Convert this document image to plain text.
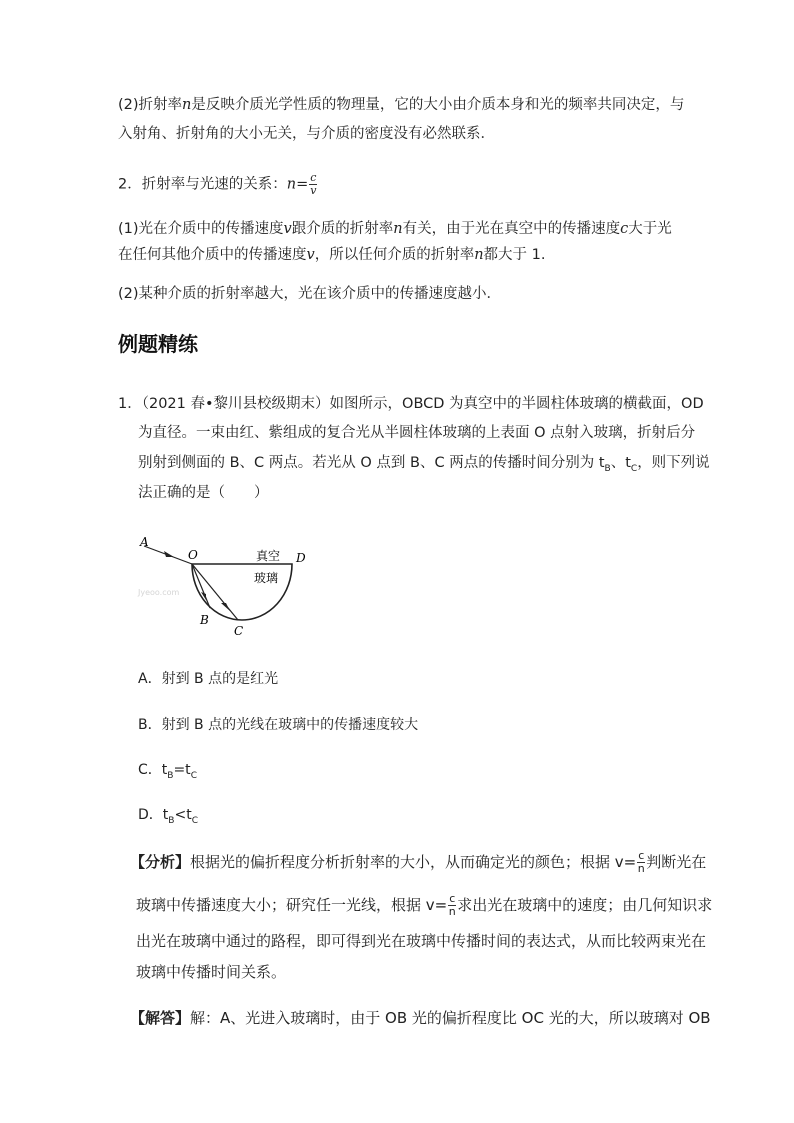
(2)折射率n是反映介质光学性质的物理量，它的大小由介质本身和光的频率共同决定，与
入射角、折射角的大小无关，与介质的密度没有必然联系．
2．折射率与光速的关系：$n= \frac{c}{v}$
(1)光在介质中的传播速度v跟介质的折射率n有关，由于光在真空中的传播速度c大于光
在任何其他介质中的传播速度v，所以任何介质的折射率n都大于 1.
(2)某种介质的折射率越大，光在该介质中的传播速度越小．
例题精练
1．（2021 春•黎川县校级期末）如图所示，OBCD 为真空中的半圆柱体玻璃的横截面，OD
为直径。一束由红、紫组成的复合光从半圆柱体玻璃的上表面 O 点射入玻璃，折射后分
别射到侧面的 B、C 两点。若光从 O 点到 B、C 两点的传播时间分别为 $t_B$、$t_C$，则下列说
法正确的是（　　）
A
O	D
B
C
真空
玻璃
Jyeoo.com
A．射到 B 点的是红光
B．射到 B 点的光线在玻璃中的传播速度较大
C．$t_B=t_C$
D．$t_B<t_C$
【分析】根据光的偏折程度分析折射率的大小，从而确定光的颜色；根据 $v= \frac{c}{n}$ 判断光在
玻璃中传播速度大小；研究任一光线，根据 $v= \frac{c}{n}$ 求出光在玻璃中的速度；由几何知识求
出光在玻璃中通过的路程，即可得到光在玻璃中传播时间的表达式，从而比较两束光在
玻璃中传播时间关系。
【解答】解：A、光进入玻璃时，由于 OB 光的偏折程度比 OC 光的大，所以玻璃对 OB
